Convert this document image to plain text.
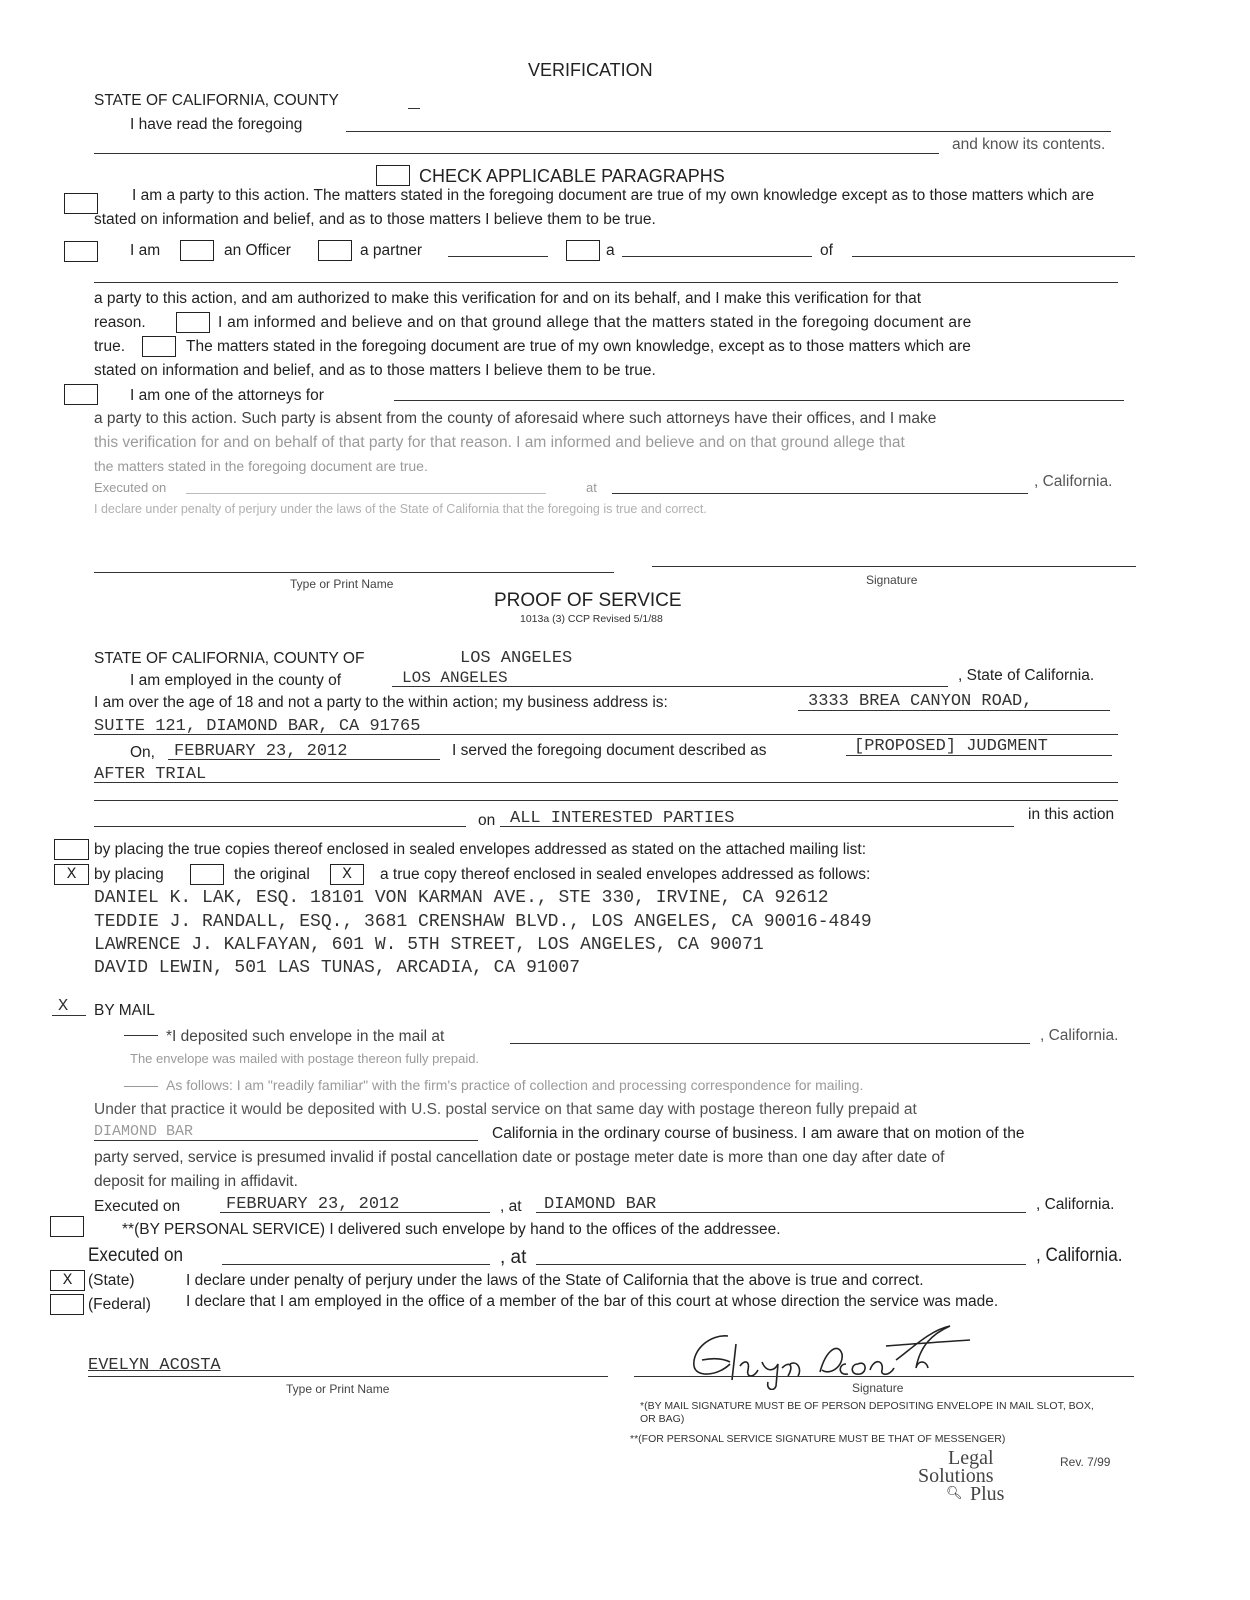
VERIFICATION
STATE OF CALIFORNIA, COUNTY
I have read the foregoing
and know its contents.
CHECK APPLICABLE PARAGRAPHS
I am a party to this action. The matters stated in the foregoing document are true of my own knowledge except as to those matters which are stated on information and belief, and as to those matters I believe them to be true.
I am	an Officer	a partner	a	of
a party to this action, and am authorized to make this verification for and on its behalf, and I make this verification for that
reason.	I am informed and believe and on that ground allege that the matters stated in the foregoing document are
true.	The matters stated in the foregoing document are true of my own knowledge, except as to those matters which are
stated on information and belief, and as to those matters I believe them to be true.
I am one of the attorneys for
a party to this action. Such party is absent from the county of aforesaid where such attorneys have their offices, and I make
this verification for and on behalf of that party for that reason. I am informed and believe and on that ground allege that
the matters stated in the foregoing document are true.
Executed on	at	, California.
I declare under penalty of perjury under the laws of the State of California that the foregoing is true and correct.
Type or Print Name	Signature
PROOF OF SERVICE
1013a (3) CCP Revised 5/1/88
STATE OF CALIFORNIA, COUNTY OF	LOS ANGELES
I am employed in the county of	LOS ANGELES	, State of California.
I am over the age of 18 and not a party to the within action; my business address is:	3333 BREA CANYON ROAD,
SUITE 121, DIAMOND BAR, CA 91765
On, FEBRUARY 23, 2012	I served the foregoing document described as	[PROPOSED] JUDGMENT
AFTER TRIAL
on ALL INTERESTED PARTIES	in this action
by placing the true copies thereof enclosed in sealed envelopes addressed as stated on the attached mailing list:
X	by placing	the original	X	a true copy thereof enclosed in sealed envelopes addressed as follows:
DANIEL K. LAK, ESQ. 18101 VON KARMAN AVE., STE 330, IRVINE, CA 92612
TEDDIE J. RANDALL, ESQ., 3681 CRENSHAW BLVD., LOS ANGELES, CA 90016-4849
LAWRENCE J. KALFAYAN, 601 W. 5TH STREET, LOS ANGELES, CA 90071
DAVID LEWIN, 501 LAS TUNAS, ARCADIA, CA 91007
X BY MAIL
*I deposited such envelope in the mail at	, California.
The envelope was mailed with postage thereon fully prepaid.
As follows: I am "readily familiar" with the firm's practice of collection and processing correspondence for mailing.
Under that practice it would be deposited with U.S. postal service on that same day with postage thereon fully prepaid at
DIAMOND BAR	California in the ordinary course of business. I am aware that on motion of the
party served, service is presumed invalid if postal cancellation date or postage meter date is more than one day after date of
deposit for mailing in affidavit.
Executed on	FEBRUARY 23, 2012	, at DIAMOND BAR	, California.
**(BY PERSONAL SERVICE) I delivered such envelope by hand to the offices of the addressee.
Executed on	, at	, California.
X	(State)	I declare under penalty of perjury under the laws of the State of California that the above is true and correct.
(Federal) I declare that I am employed in the office of a member of the bar of this court at whose direction the service was made.
EVELYN ACOSTA
Type or Print Name	Signature
*(BY MAIL SIGNATURE MUST BE OF PERSON DEPOSITING ENVELOPE IN MAIL SLOT, BOX, OR BAG)
**(FOR PERSONAL SERVICE SIGNATURE MUST BE THAT OF MESSENGER)
Legal
Solutions
🔍︎ Plus
Rev. 7/99
